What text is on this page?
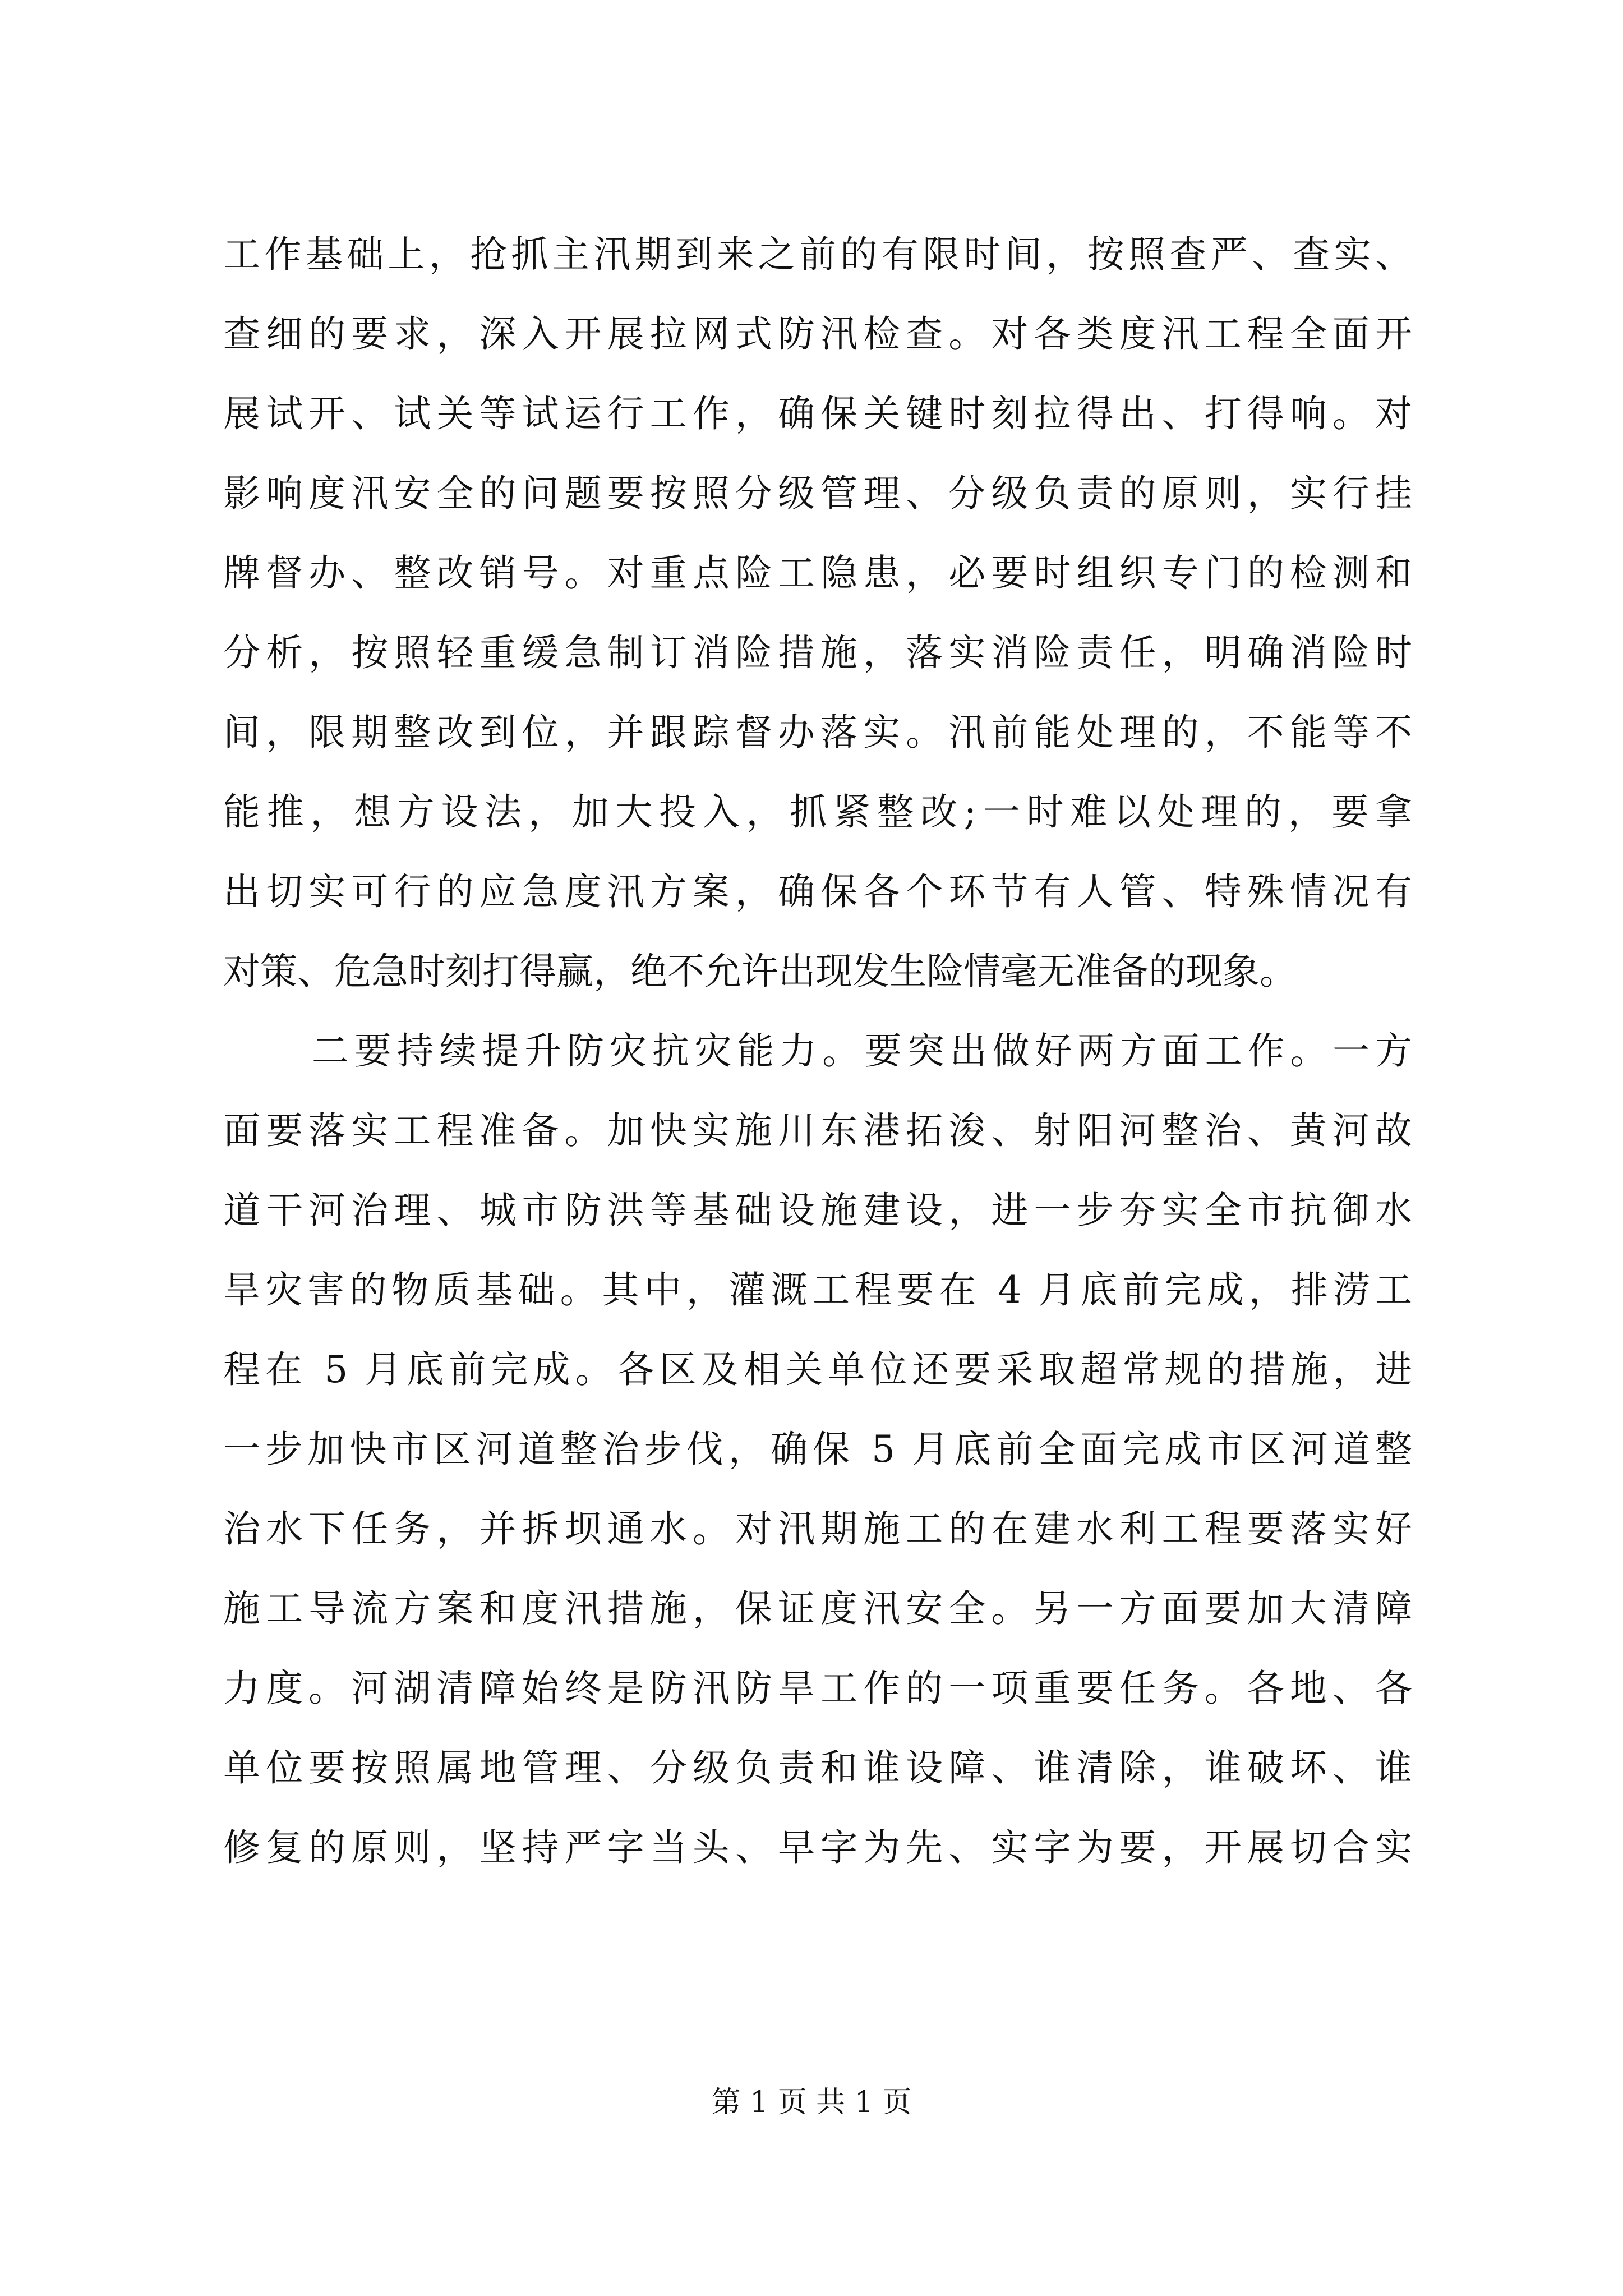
工作基础上，抢抓主汛期到来之前的有限时间，按照查严、查实、
查细的要求，深入开展拉网式防汛检查。对各类度汛工程全面开
展试开、试关等试运行工作，确保关键时刻拉得出、打得响。对
影响度汛安全的问题要按照分级管理、分级负责的原则，实行挂
牌督办、整改销号。对重点险工隐患，必要时组织专门的检测和
分析，按照轻重缓急制订消险措施，落实消险责任，明确消险时
间，限期整改到位，并跟踪督办落实。汛前能处理的，不能等不
能推，想方设法，加大投入，抓紧整改;一时难以处理的，要拿
出切实可行的应急度汛方案，确保各个环节有人管、特殊情况有
对策、危急时刻打得赢，绝不允许出现发生险情毫无准备的现象。
二要持续提升防灾抗灾能力。要突出做好两方面工作。一方
面要落实工程准备。加快实施川东港拓浚、射阳河整治、黄河故
道干河治理、城市防洪等基础设施建设，进一步夯实全市抗御水
旱灾害的物质基础。其中，灌溉工程要在 4 月底前完成，排涝工
程在 5 月底前完成。各区及相关单位还要采取超常规的措施，进
一步加快市区河道整治步伐，确保 5 月底前全面完成市区河道整
治水下任务，并拆坝通水。对汛期施工的在建水利工程要落实好
施工导流方案和度汛措施，保证度汛安全。另一方面要加大清障
力度。河湖清障始终是防汛防旱工作的一项重要任务。各地、各
单位要按照属地管理、分级负责和谁设障、谁清除，谁破坏、谁
修复的原则，坚持严字当头、早字为先、实字为要，开展切合实
第 1 页 共 1 页
